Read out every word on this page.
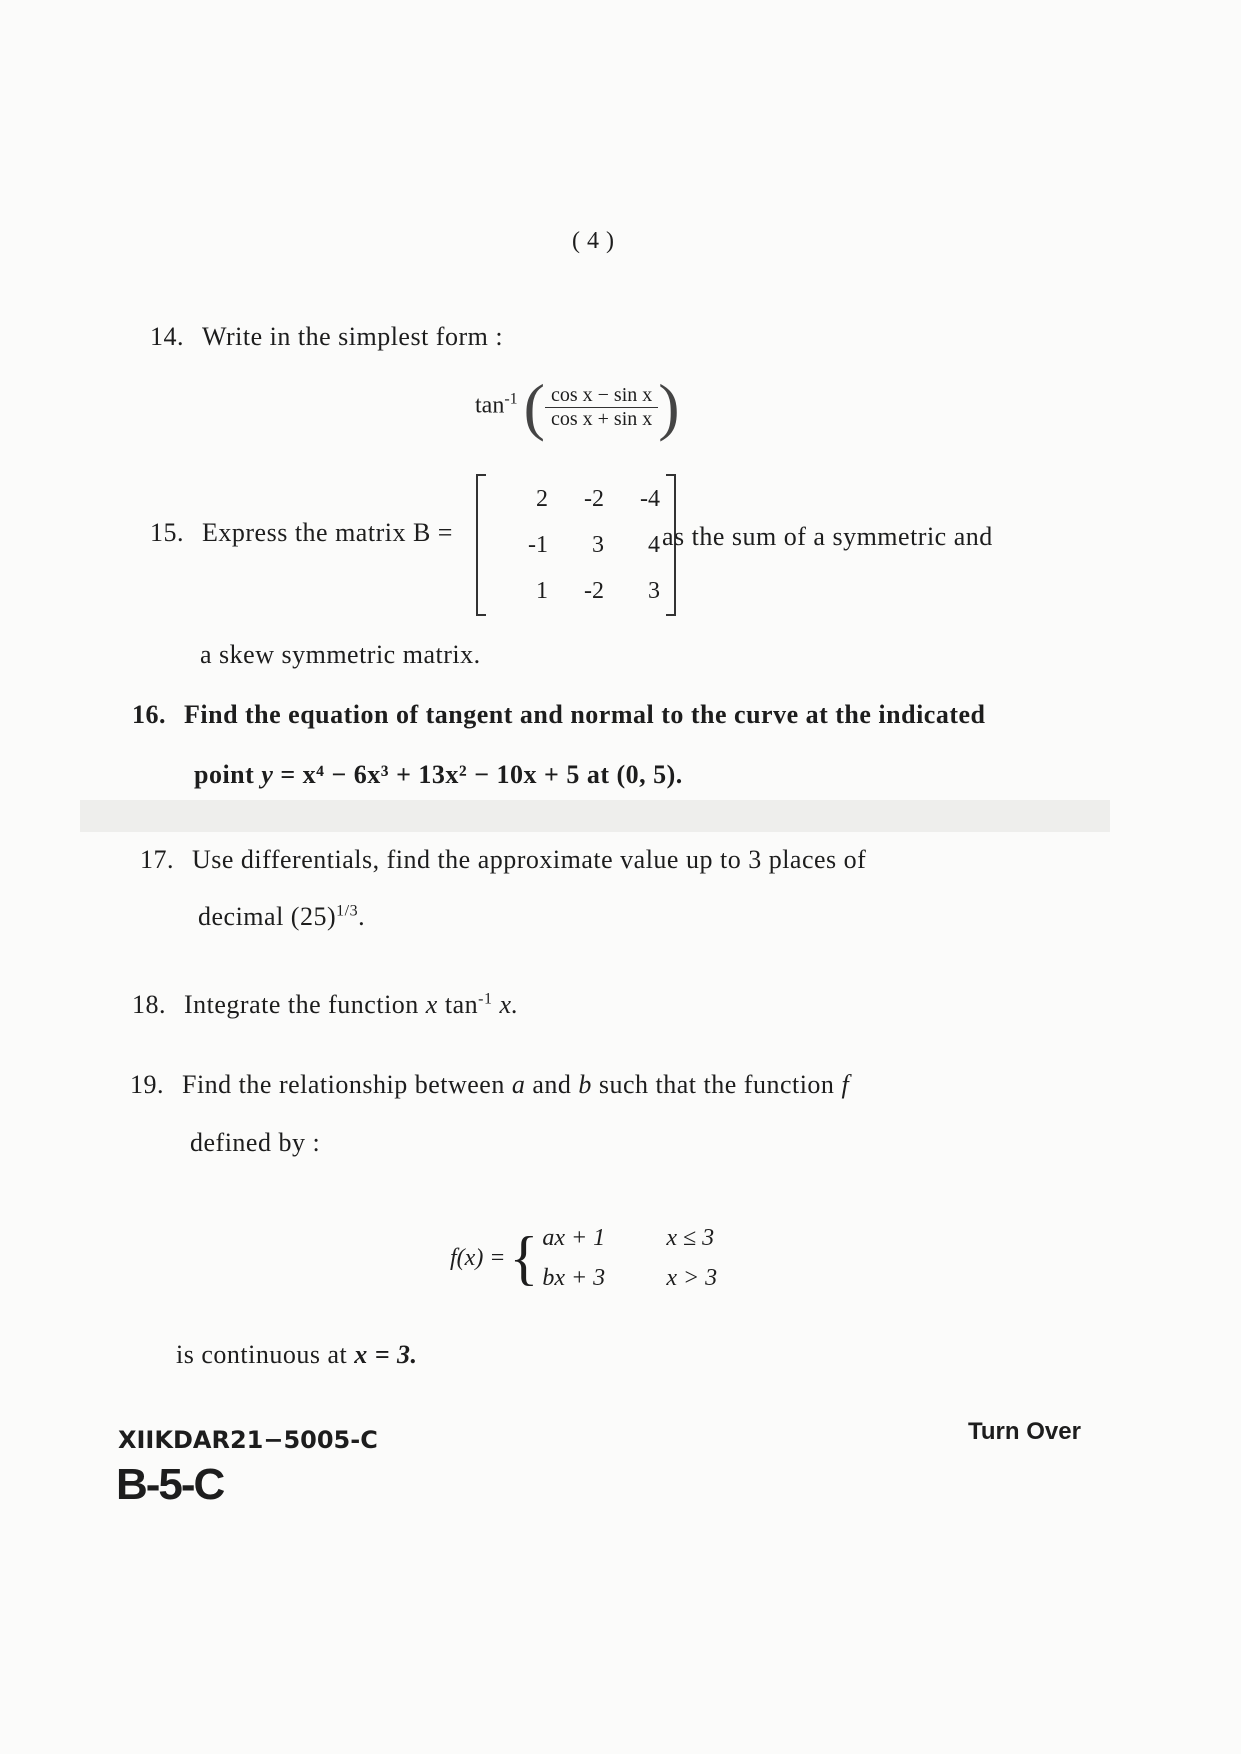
( 4 )
14. Write in the simplest form :
$\tan^{-1}$ ( $\frac{\text{cos x − sin x}}{\text{cos x + sin x}}$ )
15. Express the matrix B =
2	-2	-4
-1	3	4
1	-2	3
as the sum of a symmetric and
a skew symmetric matrix.
16. Find the equation of tangent and normal to the curve at the indicated
point y = x⁴ − 6x³ + 13x² − 10x + 5 at (0, 5).
17. Use differentials, find the approximate value up to 3 places of
decimal $(25)^{1/3}$.
18. Integrate the function x $\tan^{-1} x$.
19. Find the relationship between a and b such that the function f
defined by :
f(x) = { ax + 1	x ≤ 3
bx + 3	x > 3
is continuous at x = 3.
XIIKDAR21−5005-C
B-5-C
Turn Over
